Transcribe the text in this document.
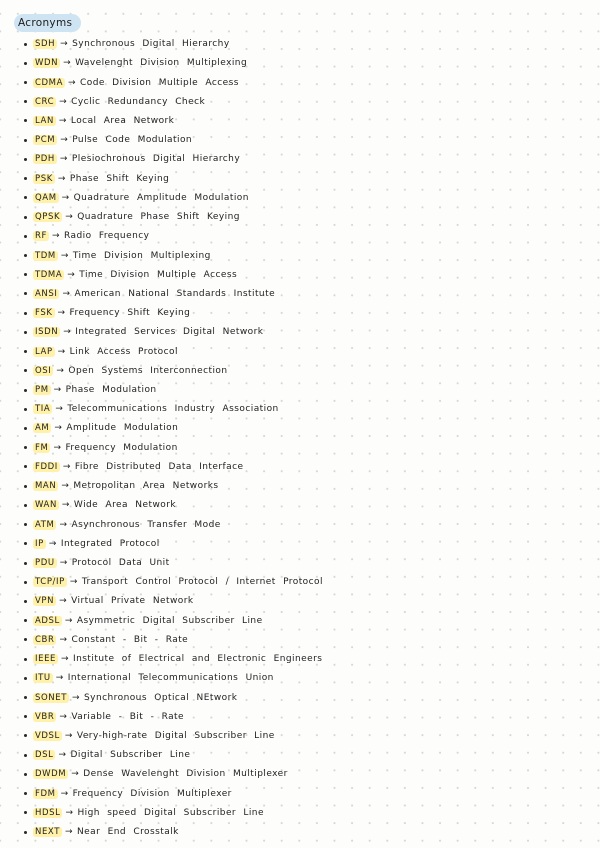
Acronyms
SDH → Synchronous Digital Hierarchy
WDN → Wavelenght Division Multiplexing
CDMA → Code Division Multiple Access
CRC → Cyclic Redundancy Check
LAN → Local Area Network
PCM → Pulse Code Modulation
PDH → Plesiochronous Digital Hierarchy
PSK → Phase Shift Keying
QAM → Quadrature Amplitude Modulation
QPSK → Quadrature Phase Shift Keying
RF → Radio Frequency
TDM → Time Division Multiplexing
TDMA → Time Division Multiple Access
ANSI → American National Standards Institute
FSK → Frequency Shift Keying
ISDN → Integrated Services Digital Network
LAP → Link Access Protocol
OSI → Open Systems Interconnection
PM → Phase Modulation
TIA → Telecommunications Industry Association
AM → Amplitude Modulation
FM → Frequency Modulation
FDDI → Fibre Distributed Data Interface
MAN → Metropolitan Area Networks
WAN → Wide Area Network
ATM → Asynchronous Transfer Mode
IP → Integrated Protocol
PDU → Protocol Data Unit
TCP/IP → Transport Control Protocol / Internet Protocol
VPN → Virtual Private Network
ADSL → Asymmetric Digital Subscriber Line
CBR → Constant - Bit - Rate
IEEE → Institute of Electrical and Electronic Engineers
ITU → International Telecommunications Union
SONET → Synchronous Optical NEtwork
VBR → Variable - Bit - Rate
VDSL → Very-high-rate Digital Subscriber Line
DSL → Digital Subscriber Line
DWDM → Dense Wavelenght Division Multiplexer
FDM → Frequency Division Multiplexer
HDSL → High speed Digital Subscriber Line
NEXT → Near End Crosstalk
